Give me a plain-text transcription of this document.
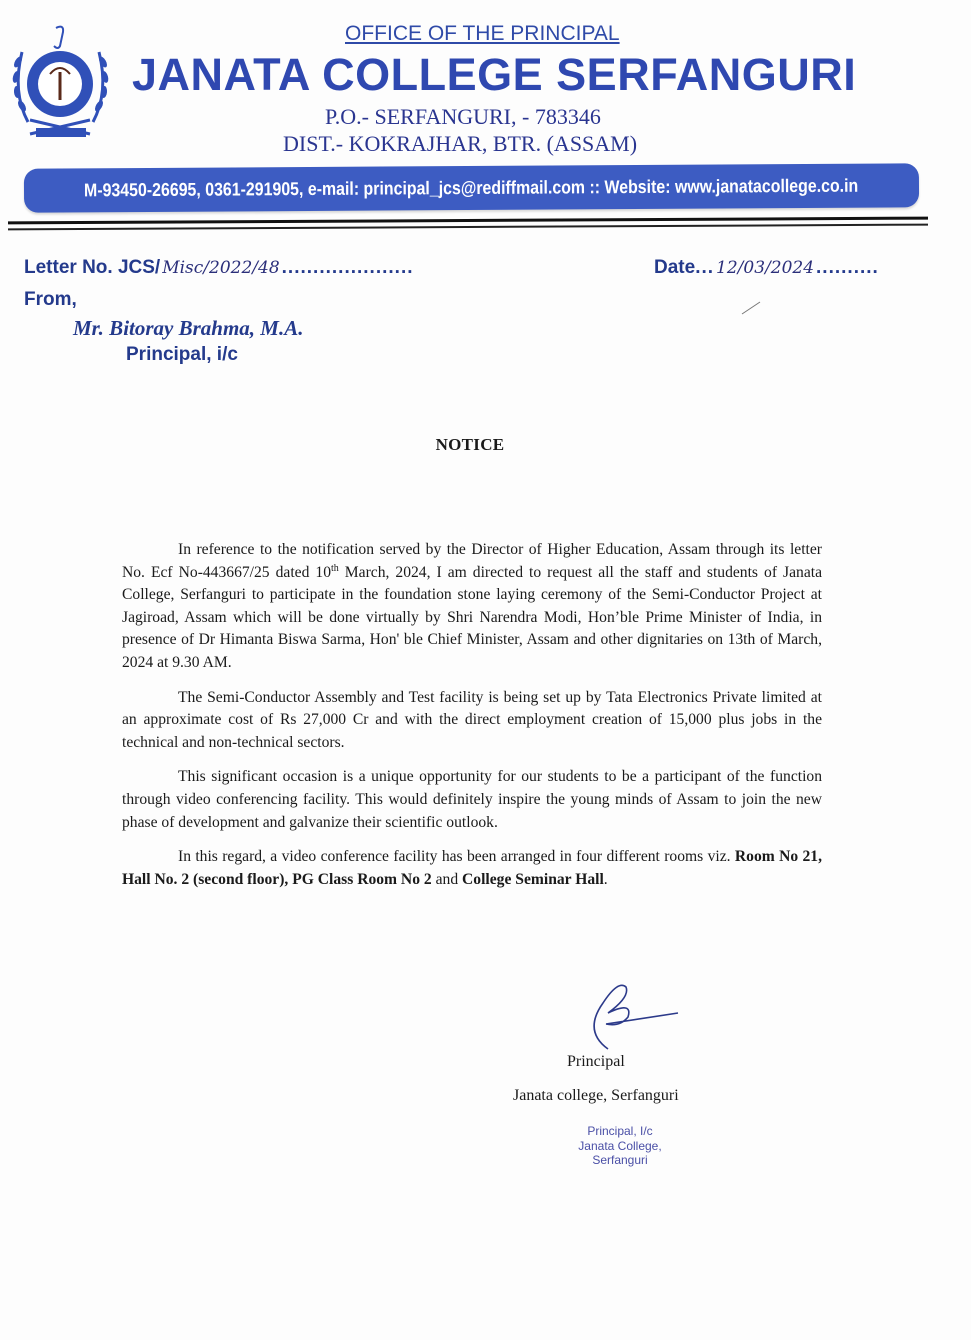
OFFICE OF THE PRINCIPAL
JANATA COLLEGE SERFANGURI
P.O.- SERFANGURI, - 783346
DIST.- KOKRAJHAR, BTR. (ASSAM)
M-93450-26695, 0361-291905, e-mail: principal_jcs@rediffmail.com :: Website: www.janatacollege.co.in
Letter No. JCS/ Misc/2022/48 .....................	Date ... 12/03/2024 ..........
From,
Mr. Bitoray Brahma, M.A.
Principal, i/c
NOTICE

In reference to the notification served by the Director of Higher Education, Assam through its letter No. Ecf No-443667/25 dated 10th March, 2024, I am directed to request all the staff and students of Janata College, Serfanguri to participate in the foundation stone laying ceremony of the Semi-Conductor Project at Jagiroad, Assam which will be done virtually by Shri Narendra Modi, Hon’ble Prime Minister of India, in presence of Dr Himanta Biswa Sarma, Hon' ble Chief Minister, Assam and other dignitaries on 13th of March, 2024 at 9.30 AM.

The Semi-Conductor Assembly and Test facility is being set up by Tata Electronics Private limited at an approximate cost of Rs 27,000 Cr and with the direct employment creation of 15,000 plus jobs in the technical and non-technical sectors.

This significant occasion is a unique opportunity for our students to be a participant of the function through video conferencing facility. This would definitely inspire the young minds of Assam to join the new phase of development and galvanize their scientific outlook.

In this regard, a video conference facility has been arranged in four different rooms viz. Room No 21, Hall No. 2 (second floor), PG Class Room No 2 and College Seminar Hall.

Principal
Janata college, Serfanguri
Principal, I/c
Janata College,
Serfanguri
